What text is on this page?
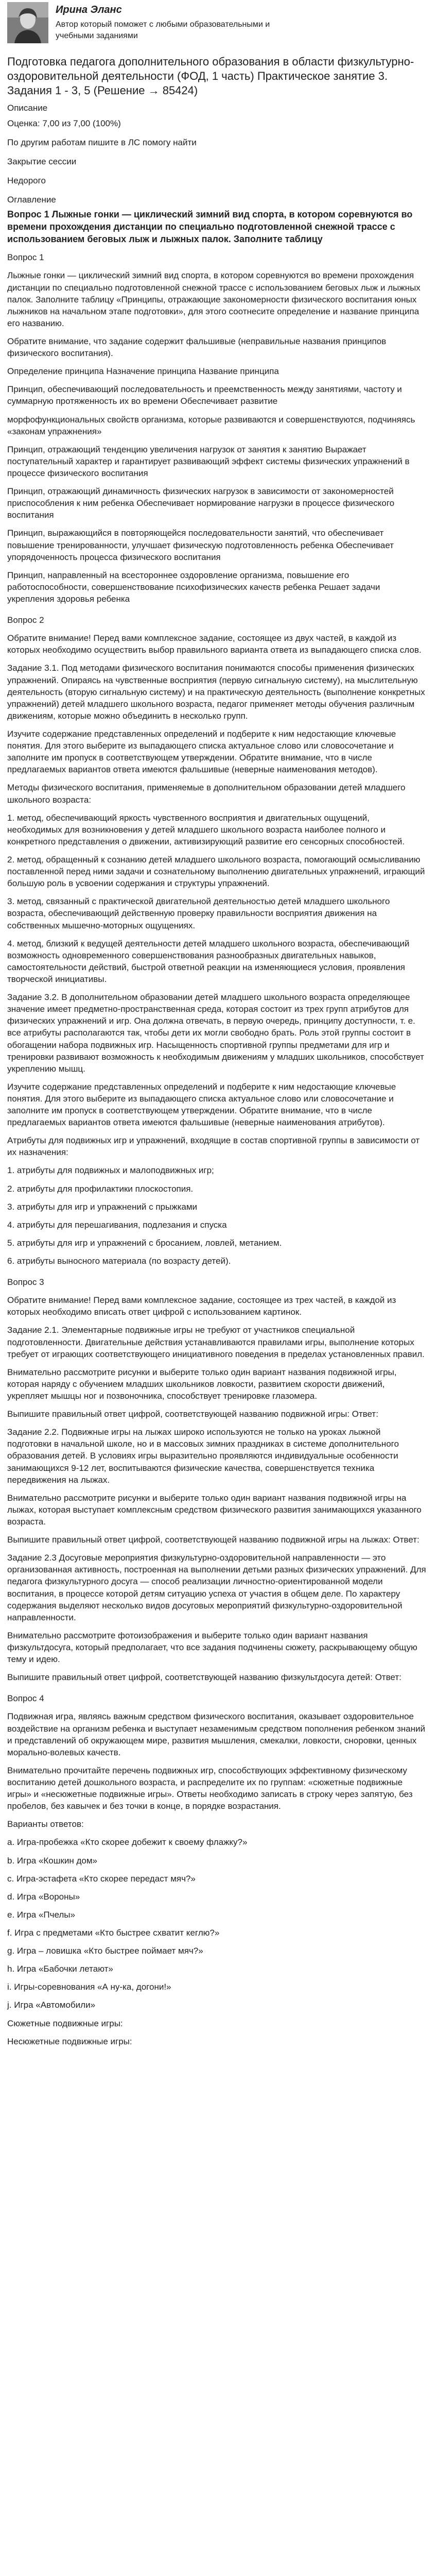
Ирина Эланс
Автор который поможет с любыми образовательными и учебными заданиями
Подготовка педагога дополнительного образования в области физкультурно-оздоровительной деятельности (ФОД, 1 часть) Практическое занятие 3. Задания 1 - 3, 5 (Решение → 85424)

Описание

Оценка: 7,00 из 7,00 (100%)

По другим работам пишите в ЛС помогу найти

Закрытие сессии

Недорого

Оглавление

Вопрос 1 Лыжные гонки — циклический зимний вид спорта, в котором соревнуются во времени прохождения дистанции по специально подготовленной снежной трассе с использованием беговых лыж и лыжных палок. Заполните таблицу

Вопрос 1

Лыжные гонки — циклический зимний вид спорта, в котором соревнуются во времени прохождения дистанции по специально подготовленной снежной трассе с использованием беговых лыж и лыжных палок. Заполните таблицу «Принципы, отражающие закономерности физического воспитания юных лыжников на начальном этапе подготовки», для этого соотнесите определение и название принципа его названию.

Обратите внимание, что задание содержит фальшивые (неправильные названия принципов физического воспитания).

Определение принципа Назначение принципа Название принципа

Принцип, обеспечивающий последовательность и преемственность между занятиями, частоту и суммарную протяженность их во времени Обеспечивает развитие

морфофункциональных свойств организма, которые развиваются и совершенствуются, подчиняясь «законам упражнения»

Принцип, отражающий тенденцию увеличения нагрузок от занятия к занятию Выражает поступательный характер и гарантирует развивающий эффект системы физических упражнений в процессе физического воспитания

Принцип, отражающий динамичность физических нагрузок в зависимости от закономерностей приспособления к ним ребенка Обеспечивает нормирование нагрузки в процессе физического воспитания

Принцип, выражающийся в повторяющейся последовательности занятий, что обеспечивает повышение тренированности, улучшает физическую подготовленность ребенка Обеспечивает упорядоченность процесса физического воспитания

Принцип, направленный на всестороннее оздоровление организма, повышение его работоспособности, совершенствование психофизических качеств ребенка Решает задачи укрепления здоровья ребенка

Вопрос 2

Обратите внимание! Перед вами комплексное задание, состоящее из двух частей, в каждой из которых необходимо осуществить выбор правильного варианта ответа из выпадающего списка слов.

Задание 3.1. Под методами физического воспитания понимаются способы применения физических упражнений. Опираясь на чувственные восприятия (первую сигнальную систему), на мыслительную деятельность (вторую сигнальную систему) и на практическую деятельность (выполнение конкретных упражнений) детей младшего школьного возраста, педагог применяет методы обучения различным движениям, которые можно объединить в несколько групп.

Изучите содержание представленных определений и подберите к ним недостающие ключевые понятия. Для этого выберите из выпадающего списка актуальное слово или словосочетание и заполните им пропуск в соответствующем утверждении. Обратите внимание, что в числе предлагаемых вариантов ответа имеются фальшивые (неверные наименования методов).

Методы физического воспитания, применяемые в дополнительном образовании детей младшего школьного возраста:

1. метод, обеспечивающий яркость чувственного восприятия и двигательных ощущений, необходимых для возникновения у детей младшего школьного возраста наиболее полного и конкретного представления о движении, активизирующий развитие его сенсорных способностей.

2. метод, обращенный к сознанию детей младшего школьного возраста, помогающий осмысливанию поставленной перед ними задачи и сознательному выполнению двигательных упражнений, играющий большую роль в усвоении содержания и структуры упражнений.

3. метод, связанный с практической двигательной деятельностью детей младшего школьного возраста, обеспечивающий действенную проверку правильности восприятия движения на собственных мышечно-моторных ощущениях.

4. метод, близкий к ведущей деятельности детей младшего школьного возраста, обеспечивающий возможность одновременного совершенствования разнообразных двигательных навыков, самостоятельности действий, быстрой ответной реакции на изменяющиеся условия, проявления творческой инициативы.

Задание 3.2. В дополнительном образовании детей младшего школьного возраста определяющее значение имеет предметно-пространственная среда, которая состоит из трех групп атрибутов для физических упражнений и игр. Она должна отвечать, в первую очередь, принципу доступности, т. е. все атрибуты располагаются так, чтобы дети их могли свободно брать. Роль этой группы состоит в обогащении набора подвижных игр. Насыщенность спортивной группы предметами для игр и тренировки развивают возможность к необходимым движениям у младших школьников, способствует укреплению мышц.

Изучите содержание представленных определений и подберите к ним недостающие ключевые понятия. Для этого выберите из выпадающего списка актуальное слово или словосочетание и заполните им пропуск в соответствующем утверждении. Обратите внимание, что в числе предлагаемых вариантов ответа имеются фальшивые (неверные наименования атрибутов).

Атрибуты для подвижных игр и упражнений, входящие в состав спортивной группы в зависимости от их назначения:

1. атрибуты для подвижных и малоподвижных игр;
2. атрибуты для профилактики плоскостопия.
3. атрибуты для игр и упражнений с прыжками
4. атрибуты для перешагивания, подлезания и спуска
5. атрибуты для игр и упражнений с бросанием, ловлей, метанием.
6. атрибуты выносного материала (по возрасту детей).

Вопрос 3

Обратите внимание! Перед вами комплексное задание, состоящее из трех частей, в каждой из которых необходимо вписать ответ цифрой с использованием картинок.

Задание 2.1. Элементарные подвижные игры не требуют от участников специальной подготовленности. Двигательные действия устанавливаются правилами игры, выполнение которых требует от играющих соответствующего инициативного поведения в пределах установленных правил.

Внимательно рассмотрите рисунки и выберите только один вариант названия подвижной игры, которая наряду с обучением младших школьников ловкости, развитием скорости движений, укрепляет мышцы ног и позвоночника, способствует тренировке глазомера.

Выпишите правильный ответ цифрой, соответствующей названию подвижной игры: Ответ:

Задание 2.2. Подвижные игры на лыжах широко используются не только на уроках лыжной подготовки в начальной школе, но и в массовых зимних праздниках в системе дополнительного образования детей. В условиях игры выразительно проявляются индивидуальные особенности занимающихся 9-12 лет, воспитываются физические качества, совершенствуется техника передвижения на лыжах.

Внимательно рассмотрите рисунки и выберите только один вариант названия подвижной игры на лыжах, которая выступает комплексным средством физического развития занимающихся указанного возраста.

Выпишите правильный ответ цифрой, соответствующей названию подвижной игры на лыжах: Ответ:

Задание 2.3 Досуговые мероприятия физкультурно-оздоровительной направленности — это организованная активность, построенная на выполнении детьми разных физических упражнений. Для педагога физкультурного досуга — способ реализации личностно-ориентированной модели воспитания, в процессе которой детям ситуацию успеха от участия в общем деле. По характеру содержания выделяют несколько видов досуговых мероприятий физкультурно-оздоровительной направленности.

Внимательно рассмотрите фотоизображения и выберите только один вариант названия физкультдосуга, который предполагает, что все задания подчинены сюжету, раскрывающему общую тему и идею.

Выпишите правильный ответ цифрой, соответствующей названию физкультдосуга детей: Ответ:

Вопрос 4

Подвижная игра, являясь важным средством физического воспитания, оказывает оздоровительное воздействие на организм ребенка и выступает незаменимым средством пополнения ребенком знаний и представлений об окружающем мире, развития мышления, смекалки, ловкости, сноровки, ценных морально-волевых качеств.

Внимательно прочитайте перечень подвижных игр, способствующих эффективному физическому воспитанию детей дошкольного возраста, и распределите их по группам: «сюжетные подвижные игры» и «несюжетные подвижные игры». Ответы необходимо записать в строку через запятую, без пробелов, без кавычек и без точки в конце, в порядке возрастания.

Варианты ответов:

а. Игра-пробежка «Кто скорее добежит к своему флажку?»
b. Игра «Кошкин дом»
c. Игра-эстафета «Кто скорее передаст мяч?»
d. Игра «Вороны»
e. Игра «Пчелы»
f. Игра с предметами «Кто быстрее схватит кеглю?»
g. Игра – ловишка «Кто быстрее поймает мяч?»
h. Игра «Бабочки летают»
i. Игры-соревнования «А ну-ка, догони!»
j. Игра «Автомобили»

Сюжетные подвижные игры:

Несюжетные подвижные игры:
